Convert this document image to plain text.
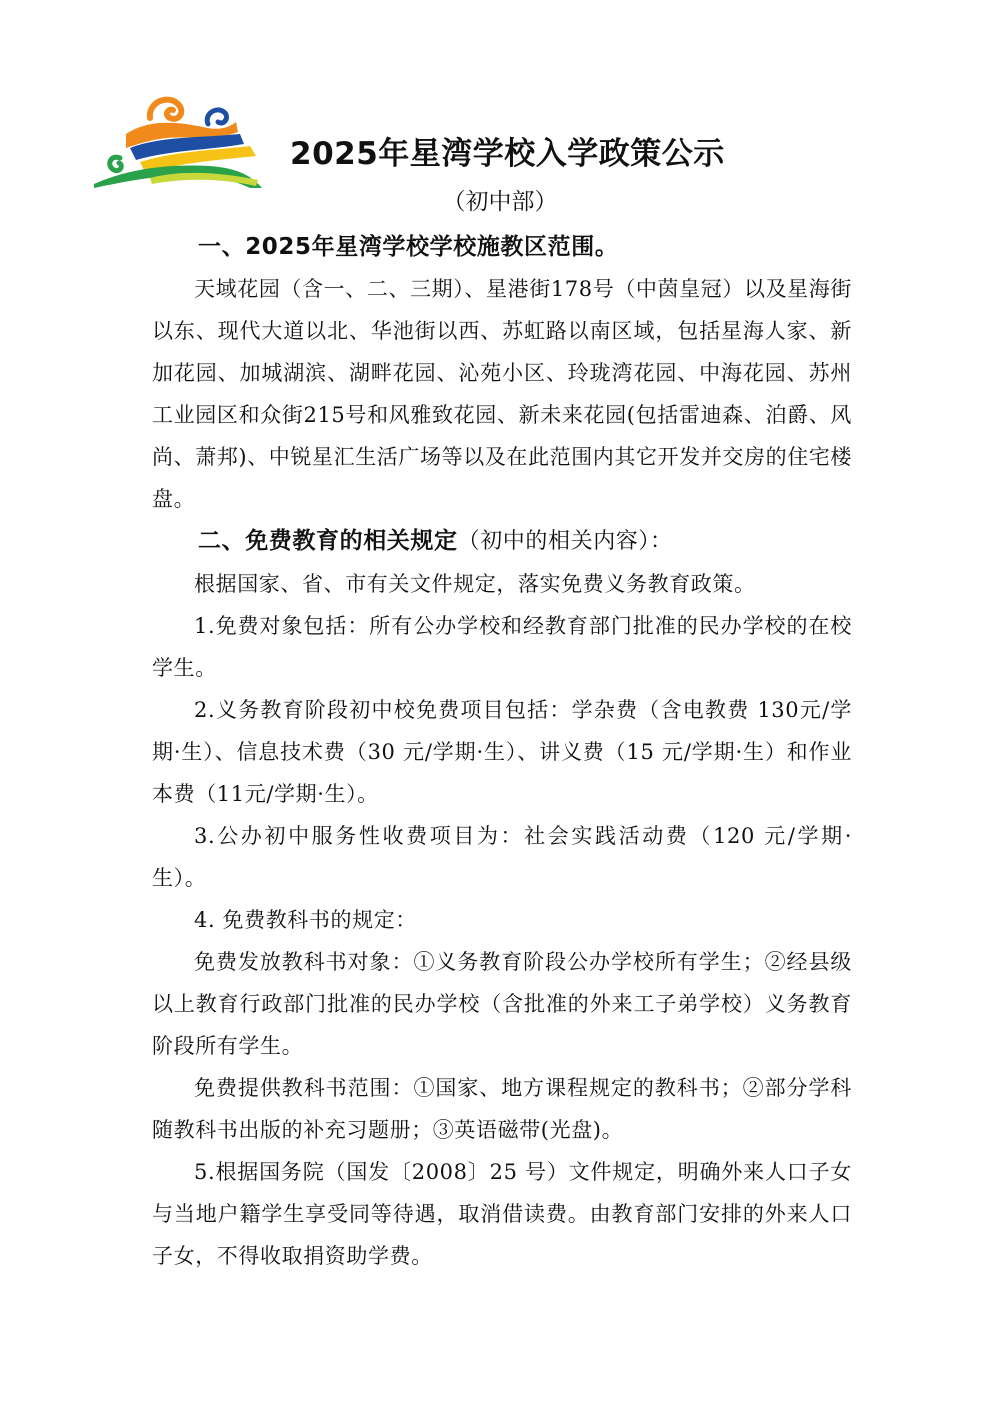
2025年星湾学校入学政策公示
（初中部）

一、2025年星湾学校学校施教区范围。

天域花园（含一、二、三期）、星港街178号（中茵皇冠）以及星海街以东、现代大道以北、华池街以西、苏虹路以南区域，包括星海人家、新加花园、加城湖滨、湖畔花园、沁苑小区、玲珑湾花园、中海花园、苏州工业园区和众街215号和风雅致花园、新未来花园(包括雷迪森、泊爵、风尚、萧邦)、中锐星汇生活广场等以及在此范围内其它开发并交房的住宅楼盘。

二、免费教育的相关规定（初中的相关内容）：

根据国家、省、市有关文件规定，落实免费义务教育政策。

1.免费对象包括：所有公办学校和经教育部门批准的民办学校的在校学生。

2.义务教育阶段初中校免费项目包括：学杂费（含电教费 130元/学期·生）、信息技术费（30 元/学期·生）、讲义费（15 元/学期·生）和作业本费（11元/学期·生）。

3.公办初中服务性收费项目为：社会实践活动费（120 元/学期·生）。

4. 免费教科书的规定：

免费发放教科书对象：①义务教育阶段公办学校所有学生；②经县级以上教育行政部门批准的民办学校（含批准的外来工子弟学校）义务教育阶段所有学生。

免费提供教科书范围：①国家、地方课程规定的教科书；②部分学科随教科书出版的补充习题册；③英语磁带(光盘)。

5.根据国务院（国发〔2008〕25 号）文件规定，明确外来人口子女与当地户籍学生享受同等待遇，取消借读费。由教育部门安排的外来人口子女，不得收取捐资助学费。
